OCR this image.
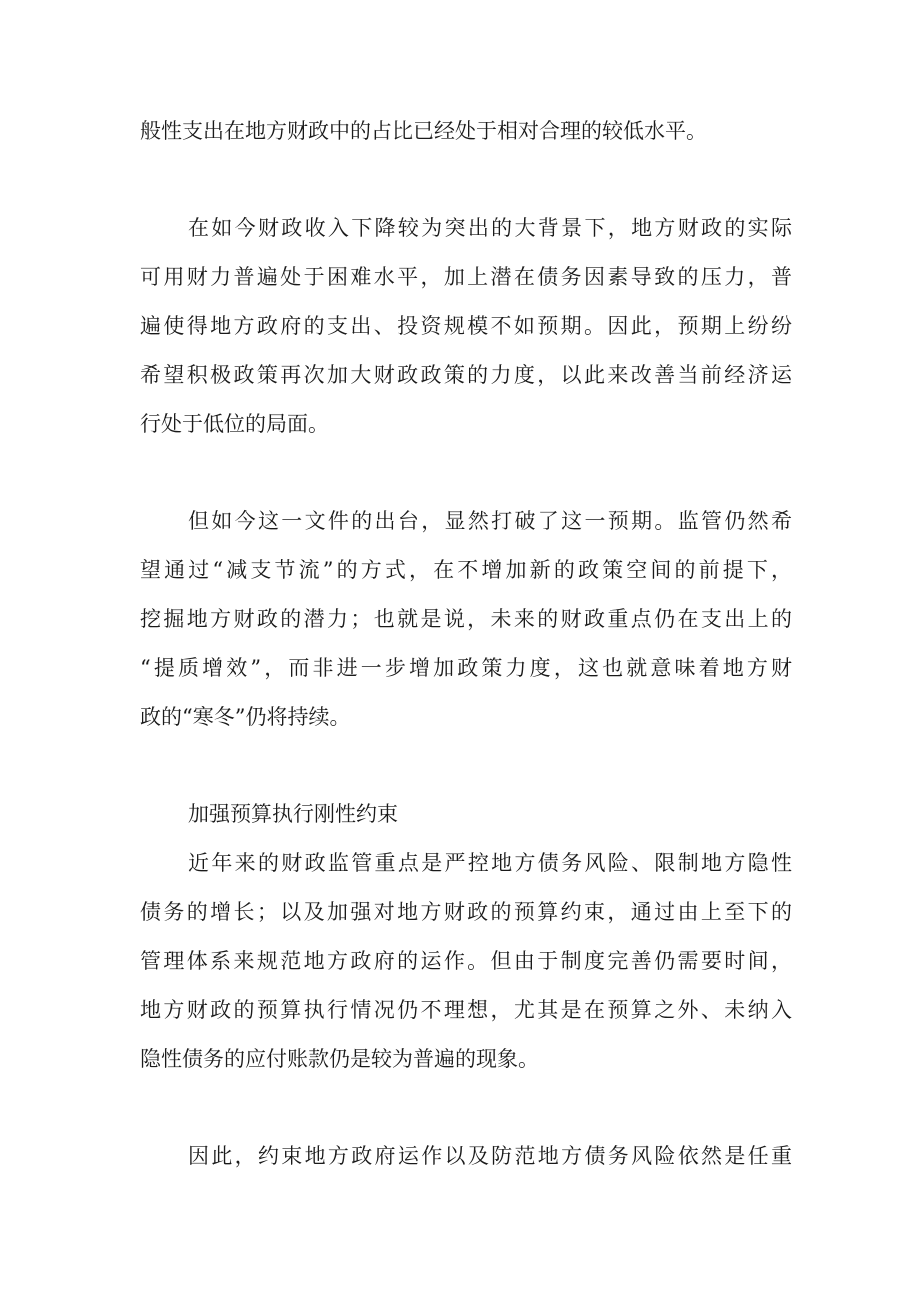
般性支出在地方财政中的占比已经处于相对合理的较低水平。
在如今财政收入下降较为突出的大背景下，地方财政的实际
可用财力普遍处于困难水平，加上潜在债务因素导致的压力，普
遍使得地方政府的支出、投资规模不如预期。因此，预期上纷纷
希望积极政策再次加大财政政策的力度，以此来改善当前经济运
行处于低位的局面。
但如今这一文件的出台，显然打破了这一预期。监管仍然希
望通过“减支节流”的方式，在不增加新的政策空间的前提下，
挖掘地方财政的潜力；也就是说，未来的财政重点仍在支出上的
“提质增效”，而非进一步增加政策力度，这也就意味着地方财
政的“寒冬”仍将持续。
加强预算执行刚性约束
近年来的财政监管重点是严控地方债务风险、限制地方隐性
债务的增长；以及加强对地方财政的预算约束，通过由上至下的
管理体系来规范地方政府的运作。但由于制度完善仍需要时间，
地方财政的预算执行情况仍不理想，尤其是在预算之外、未纳入
隐性债务的应付账款仍是较为普遍的现象。
因此，约束地方政府运作以及防范地方债务风险依然是任重
